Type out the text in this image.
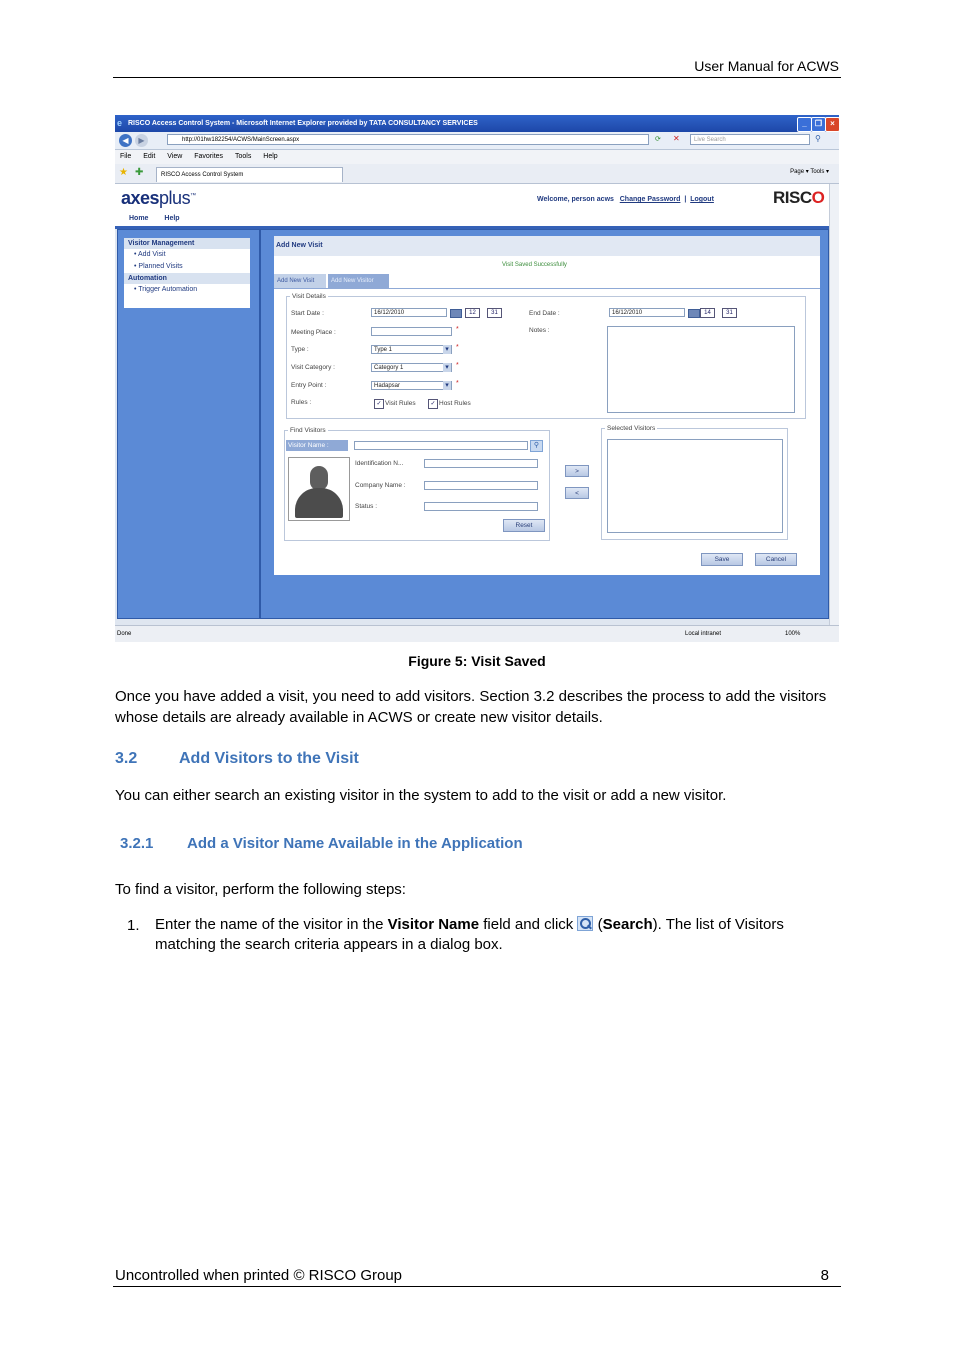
User Manual for ACWS
e RISCO Access Control System - Microsoft Internet Explorer provided by TATA CONSULTANCY SERVICES	_	❐	×
◀	▶	http://01hw182254/ACWS/MainScreen.aspx	⟳ ✕	Live Search	⚲
File Edit View Favorites Tools Help
★ ✚	RISCO Access Control System	Page ▾ Tools ▾
axesplus™	Welcome, person acws Change Password | Logout	RISCO
Home Help
Visitor Management
• Add Visit
• Planned Visits
Automation
• Trigger Automation
Add New Visit
Visit Saved Successfully
Add New Visit	Add New Visitor
Visit Details
Start Date :	16/12/2010	12	31	End Date :	16/12/2010	14	31
Meeting Place :	*	Notes :
Type :	Type 1 ▾	*
Visit Category :	Category 1 ▾	*
Entry Point :	Hadapsar ▾	*
Rules :	✓ Visit Rules	✓ Host Rules
Find Visitors
Visitor Name :	⚲
Identification N...
Company Name :
Status :
Reset
>
<
Selected Visitors
Save	Cancel
Done	Local intranet	100%
Figure 5: Visit Saved
Once you have added a visit, you need to add visitors. Section 3.2 describes the process to add the visitors whose details are already available in ACWS or create new visitor details.
3.2	Add Visitors to the Visit
You can either search an existing visitor in the system to add to the visit or add a new visitor.
3.2.1 Add a Visitor Name Available in the Application
To find a visitor, perform the following steps:
1. Enter the name of the visitor in the Visitor Name field and click  (Search). The list of Visitors matching the search criteria appears in a dialog box.
Uncontrolled when printed © RISCO Group	8
